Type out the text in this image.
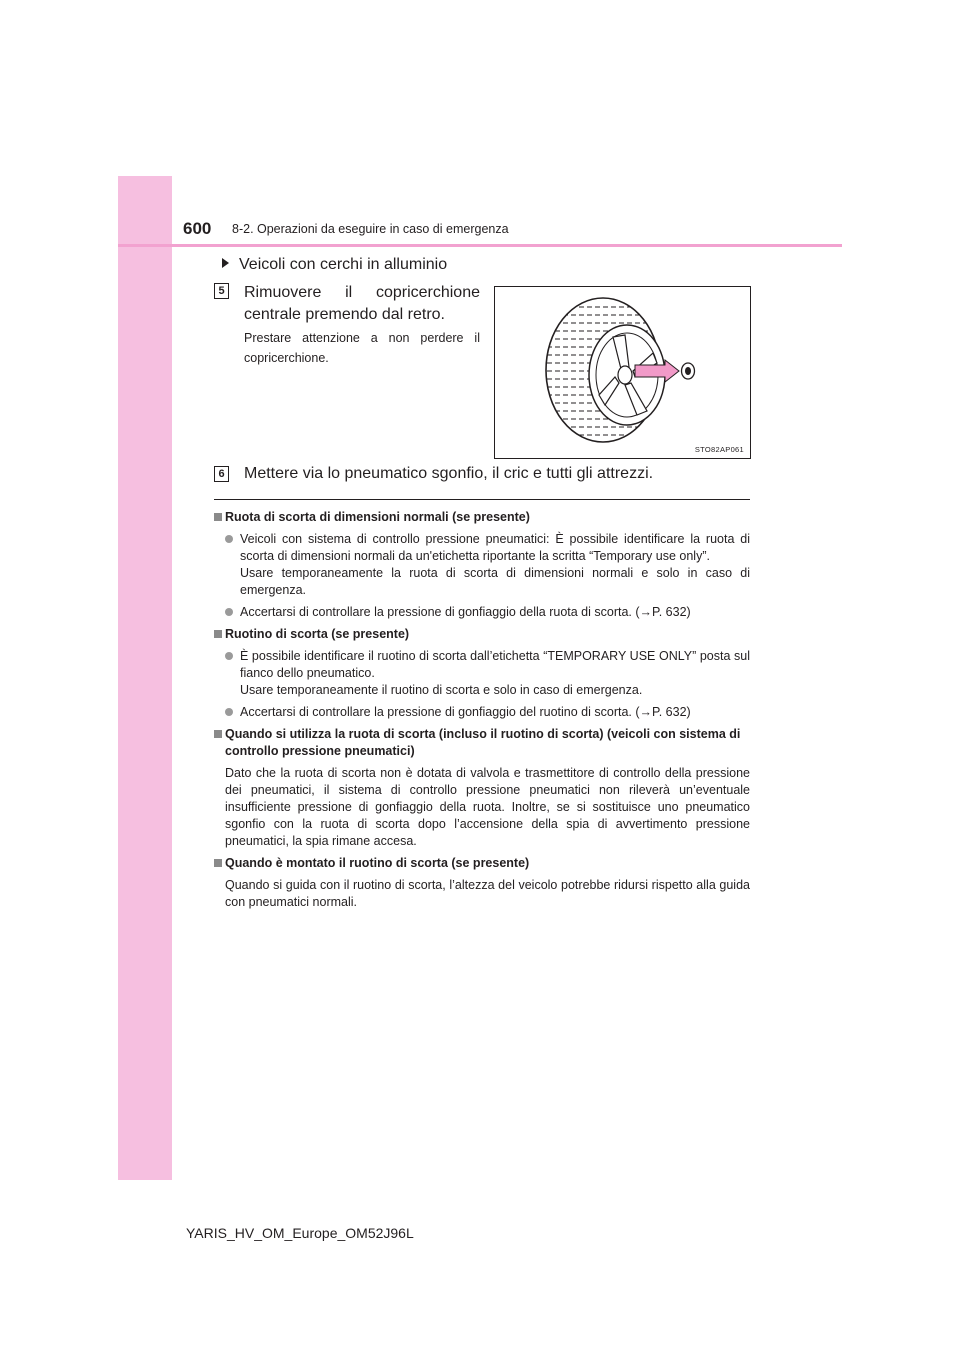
600 8-2. Operazioni da eseguire in caso di emergenza
Veicoli con cerchi in alluminio
5 Rimuovere il copricerchione centrale premendo dal retro.
Prestare attenzione a non perdere il copricerchione.
STO82AP061
6 Mettere via lo pneumatico sgonfio, il cric e tutti gli attrezzi.
Ruota di scorta di dimensioni normali (se presente)

Veicoli con sistema di controllo pressione pneumatici: È possibile identificare la ruota di scorta di dimensioni normali da un'etichetta riportante la scritta “Temporary use only”.

Usare temporaneamente la ruota di scorta di dimensioni normali e solo in caso di emergenza.

Accertarsi di controllare la pressione di gonfiaggio della ruota di scorta. (→P. 632)

Ruotino di scorta (se presente)

È possibile identificare il ruotino di scorta dall’etichetta “TEMPORARY USE ONLY” posta sul fianco dello pneumatico.

Usare temporaneamente il ruotino di scorta e solo in caso di emergenza.

Accertarsi di controllare la pressione di gonfiaggio del ruotino di scorta. (→P. 632)

Quando si utilizza la ruota di scorta (incluso il ruotino di scorta) (veicoli con sistema di controllo pressione pneumatici)

Dato che la ruota di scorta non è dotata di valvola e trasmettitore di controllo della pressione dei pneumatici, il sistema di controllo pressione pneumatici non rileverà un’eventuale insufficiente pressione di gonfiaggio della ruota. Inoltre, se si sostituisce uno pneumatico sgonfio con la ruota di scorta dopo l’accensione della spia di avvertimento pressione pneumatici, la spia rimane accesa.

Quando è montato il ruotino di scorta (se presente)

Quando si guida con il ruotino di scorta, l’altezza del veicolo potrebbe ridursi rispetto alla guida con pneumatici normali.

YARIS_HV_OM_Europe_OM52J96L
